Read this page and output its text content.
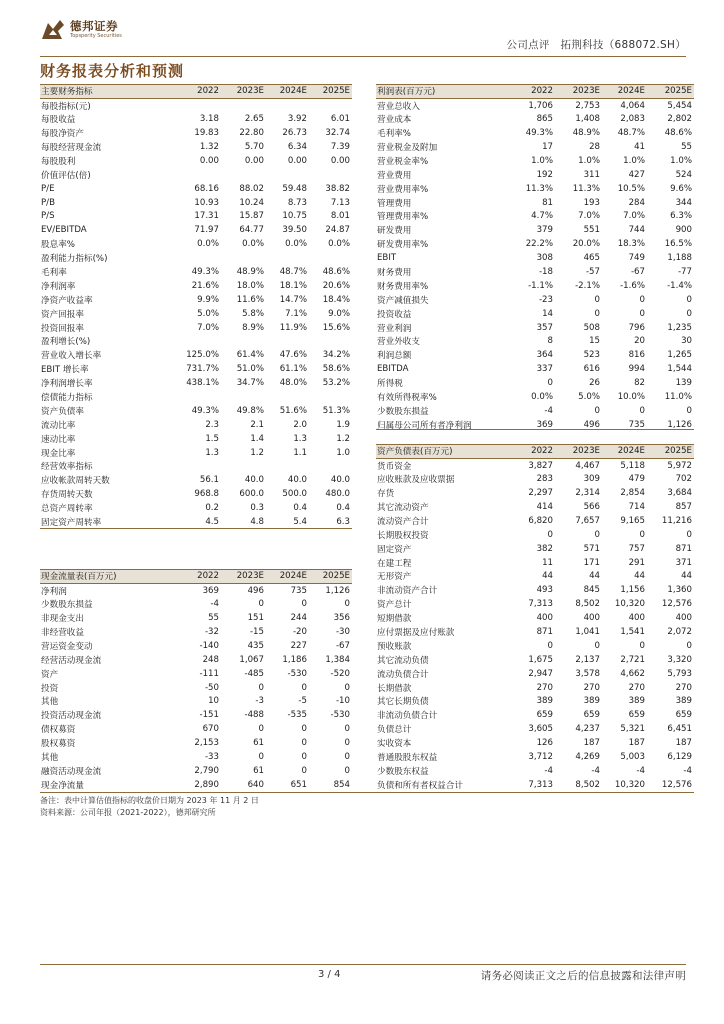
德邦证券
Topsperity Securities
公司点评　拓荆科技（688072.SH）
财务报表分析和预测
主要财务指标	2022	2023E	2024E	2025E
每股指标(元)				
每股收益	3.18	2.65	3.92	6.01
每股净资产	19.83	22.80	26.73	32.74
每股经营现金流	1.32	5.70	6.34	7.39
每股股利	0.00	0.00	0.00	0.00
价值评估(倍)				
P/E	68.16	88.02	59.48	38.82
P/B	10.93	10.24	8.73	7.13
P/S	17.31	15.87	10.75	8.01
EV/EBITDA	71.97	64.77	39.50	24.87
股息率%	0.0%	0.0%	0.0%	0.0%
盈利能力指标(%)				
毛利率	49.3%	48.9%	48.7%	48.6%
净利润率	21.6%	18.0%	18.1%	20.6%
净资产收益率	9.9%	11.6%	14.7%	18.4%
资产回报率	5.0%	5.8%	7.1%	9.0%
投资回报率	7.0%	8.9%	11.9%	15.6%
盈利增长(%)				
营业收入增长率	125.0%	61.4%	47.6%	34.2%
EBIT 增长率	731.7%	51.0%	61.1%	58.6%
净利润增长率	438.1%	34.7%	48.0%	53.2%
偿债能力指标				
资产负债率	49.3%	49.8%	51.6%	51.3%
流动比率	2.3	2.1	2.0	1.9
速动比率	1.5	1.4	1.3	1.2
现金比率	1.3	1.2	1.1	1.0
经营效率指标				
应收帐款周转天数	56.1	40.0	40.0	40.0
存货周转天数	968.8	600.0	500.0	480.0
总资产周转率	0.2	0.3	0.4	0.4
固定资产周转率	4.5	4.8	5.4	6.3
利润表(百万元)	2022	2023E	2024E	2025E
营业总收入	1,706	2,753	4,064	5,454
营业成本	865	1,408	2,083	2,802
毛利率%	49.3%	48.9%	48.7%	48.6%
营业税金及附加	17	28	41	55
营业税金率%	1.0%	1.0%	1.0%	1.0%
营业费用	192	311	427	524
营业费用率%	11.3%	11.3%	10.5%	9.6%
管理费用	81	193	284	344
管理费用率%	4.7%	7.0%	7.0%	6.3%
研发费用	379	551	744	900
研发费用率%	22.2%	20.0%	18.3%	16.5%
EBIT	308	465	749	1,188
财务费用	-18	-57	-67	-77
财务费用率%	-1.1%	-2.1%	-1.6%	-1.4%
资产减值损失	-23	0	0	0
投资收益	14	0	0	0
营业利润	357	508	796	1,235
营业外收支	8	15	20	30
利润总额	364	523	816	1,265
EBITDA	337	616	994	1,544
所得税	0	26	82	139
有效所得税率%	0.0%	5.0%	10.0%	11.0%
少数股东损益	-4	0	0	0
归属母公司所有者净利润	369	496	735	1,126
资产负债表(百万元)	2022	2023E	2024E	2025E
货币资金	3,827	4,467	5,118	5,972
应收账款及应收票据	283	309	479	702
存货	2,297	2,314	2,854	3,684
其它流动资产	414	566	714	857
流动资产合计	6,820	7,657	9,165	11,216
长期股权投资	0	0	0	0
固定资产	382	571	757	871
在建工程	11	171	291	371
无形资产	44	44	44	44
非流动资产合计	493	845	1,156	1,360
资产总计	7,313	8,502	10,320	12,576
短期借款	400	400	400	400
应付票据及应付账款	871	1,041	1,541	2,072
预收账款	0	0	0	0
其它流动负债	1,675	2,137	2,721	3,320
流动负债合计	2,947	3,578	4,662	5,793
长期借款	270	270	270	270
其它长期负债	389	389	389	389
非流动负债合计	659	659	659	659
负债总计	3,605	4,237	5,321	6,451
实收资本	126	187	187	187
普通股股东权益	3,712	4,269	5,003	6,129
少数股东权益	-4	-4	-4	-4
负债和所有者权益合计	7,313	8,502	10,320	12,576
现金流量表(百万元)	2022	2023E	2024E	2025E
净利润	369	496	735	1,126
少数股东损益	-4	0	0	0
非现金支出	55	151	244	356
非经营收益	-32	-15	-20	-30
营运资金变动	-140	435	227	-67
经营活动现金流	248	1,067	1,186	1,384
资产	-111	-485	-530	-520
投资	-50	0	0	0
其他	10	-3	-5	-10
投资活动现金流	-151	-488	-535	-530
债权募资	670	0	0	0
股权募资	2,153	61	0	0
其他	-33	0	0	0
融资活动现金流	2,790	61	0	0
现金净流量	2,890	640	651	854
备注：表中计算估值指标的收盘价日期为 2023 年 11 月 2 日
资料来源：公司年报（2021-2022），德邦研究所
3 / 4	请务必阅读正文之后的信息披露和法律声明
